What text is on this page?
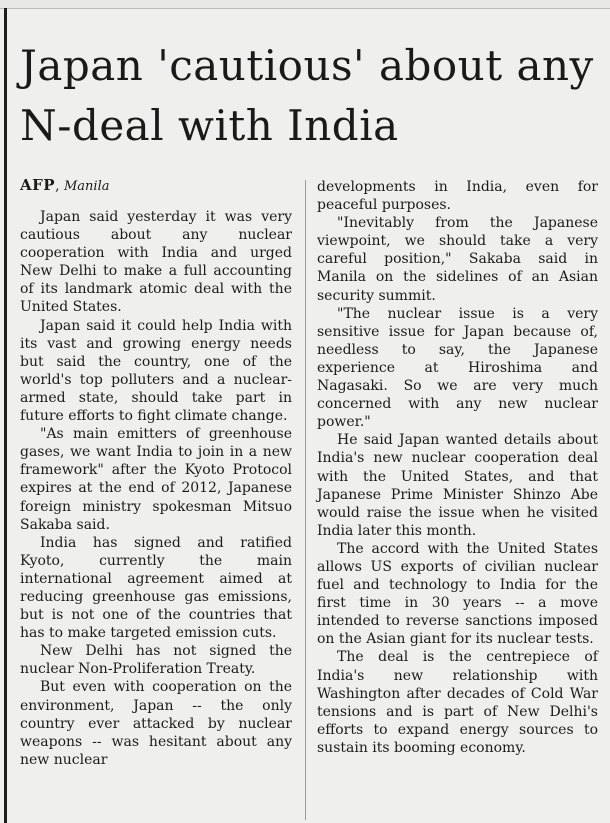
Japan 'cautious' about any N-deal with India
AFP, Manila

Japan said yesterday it was very cautious about any nuclear cooperation with India and urged New Delhi to make a full accounting of its landmark atomic deal with the United States.

Japan said it could help India with its vast and growing energy needs but said the country, one of the world's top polluters and a nuclear-armed state, should take part in future efforts to fight climate change.

"As main emitters of greenhouse gases, we want India to join in a new framework" after the Kyoto Protocol expires at the end of 2012, Japanese foreign ministry spokesman Mitsuo Sakaba said.

India has signed and ratified Kyoto, currently the main international agreement aimed at reducing greenhouse gas emissions, but is not one of the countries that has to make targeted emission cuts.

New Delhi has not signed the nuclear Non-Proliferation Treaty.

But even with cooperation on the environment, Japan -- the only country ever attacked by nuclear weapons -- was hesitant about any new nuclear

developments in India, even for peaceful purposes.

"Inevitably from the Japanese viewpoint, we should take a very careful position," Sakaba said in Manila on the sidelines of an Asian security summit.

"The nuclear issue is a very sensitive issue for Japan because of, needless to say, the Japanese experience at Hiroshima and Nagasaki. So we are very much concerned with any new nuclear power."

He said Japan wanted details about India's new nuclear cooperation deal with the United States, and that Japanese Prime Minister Shinzo Abe would raise the issue when he visited India later this month.

The accord with the United States allows US exports of civilian nuclear fuel and technology to India for the first time in 30 years -- a move intended to reverse sanctions imposed on the Asian giant for its nuclear tests.

The deal is the centrepiece of India's new relationship with Washington after decades of Cold War tensions and is part of New Delhi's efforts to expand energy sources to sustain its booming economy.
